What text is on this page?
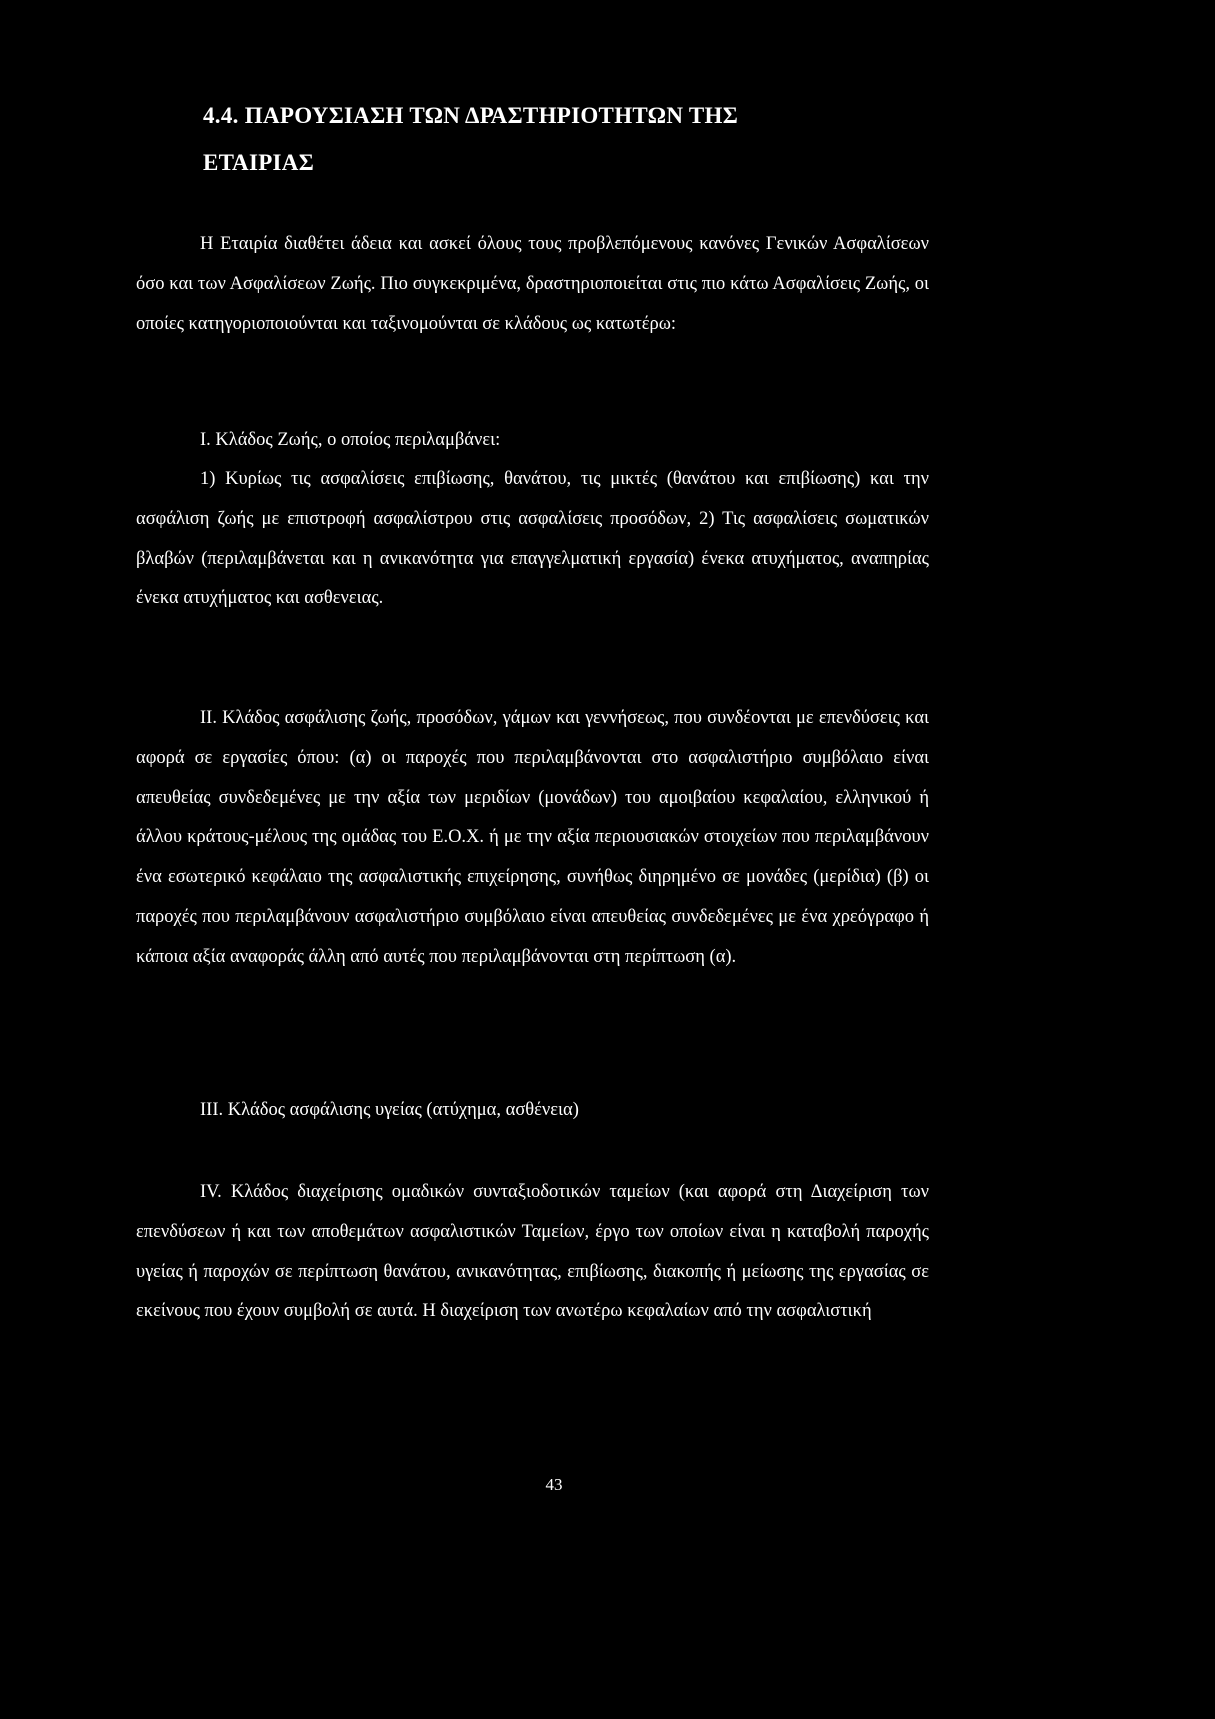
4.4. ΠΑΡΟΥΣΙΑΣΗ ΤΩΝ ΔΡΑΣΤΗΡΙΟΤΗΤΩΝ ΤΗΣ
ΕΤΑΙΡΙΑΣ

Η Εταιρία διαθέτει άδεια και ασκεί όλους τους προβλεπόμενους κανόνες Γενικών Ασφαλίσεων όσο και των Ασφαλίσεων Ζωής. Πιο συγκεκριμένα, δραστηριοποιείται στις πιο κάτω Ασφαλίσεις Ζωής, οι οποίες κατηγοριοποιούνται και ταξινομούνται σε κλάδους ως κατωτέρω:

Ι. Κλάδος Ζωής, ο οποίος περιλαμβάνει:

1) Κυρίως τις ασφαλίσεις επιβίωσης, θανάτου, τις μικτές (θανάτου και επιβίωσης) και την ασφάλιση ζωής με επιστροφή ασφαλίστρου στις ασφαλίσεις προσόδων, 2) Τις ασφαλίσεις σωματικών βλαβών (περιλαμβάνεται και η ανικανότητα για επαγγελματική εργασία) ένεκα ατυχήματος, αναπηρίας ένεκα ατυχήματος και ασθενειας.

II. Κλάδος ασφάλισης ζωής, προσόδων, γάμων και γεννήσεως, που συνδέονται με επενδύσεις και αφορά σε εργασίες όπου: (α) οι παροχές που περιλαμβάνονται στο ασφαλιστήριο συμβόλαιο είναι απευθείας συνδεδεμένες με την αξία των μεριδίων (μονάδων) του αμοιβαίου κεφαλαίου, ελληνικού ή άλλου κράτους-μέλους της ομάδας του Ε.Ο.Χ. ή με την αξία περιουσιακών στοιχείων που περιλαμβάνουν ένα εσωτερικό κεφάλαιο της ασφαλιστικής επιχείρησης, συνήθως διηρημένο σε μονάδες (μερίδια) (β) οι παροχές που περιλαμβάνουν ασφαλιστήριο συμβόλαιο είναι απευθείας συνδεδεμένες με ένα χρεόγραφο ή κάποια αξία αναφοράς άλλη από αυτές που περιλαμβάνονται στη περίπτωση (α).

III. Κλάδος ασφάλισης υγείας (ατύχημα, ασθένεια)

IV. Κλάδος διαχείρισης ομαδικών συνταξιοδοτικών ταμείων (και αφορά στη Διαχείριση των επενδύσεων ή και των αποθεμάτων ασφαλιστικών Ταμείων, έργο των οποίων είναι η καταβολή παροχής υγείας ή παροχών σε περίπτωση θανάτου, ανικανότητας, επιβίωσης, διακοπής ή μείωσης της εργασίας σε εκείνους που έχουν συμβολή σε αυτά. Η διαχείριση των ανωτέρω κεφαλαίων από την ασφαλιστική

43
